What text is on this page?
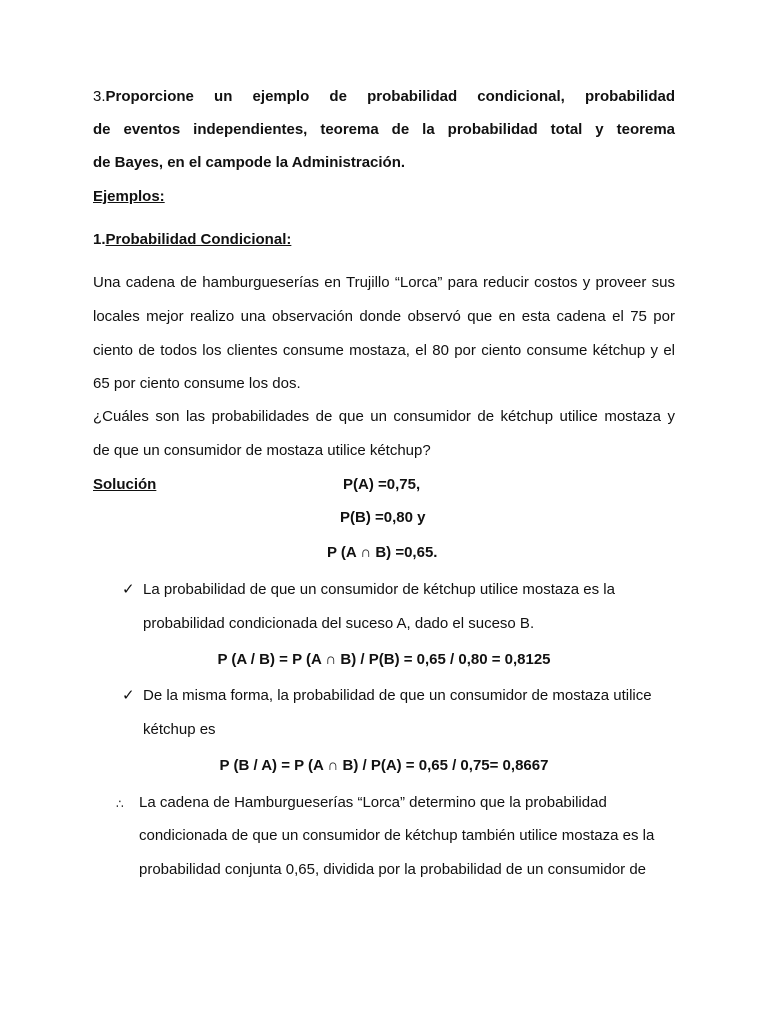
3.Proporcione un ejemplo de probabilidad condicional, probabilidad
de eventos independientes, teorema de la probabilidad total y teorema
de Bayes, en el campode la Administración.
Ejemplos:
1.Probabilidad Condicional:
Una cadena de hamburgueserías en Trujillo “Lorca” para reducir costos y proveer sus
locales mejor realizo una observación donde observó que en esta cadena el 75 por
ciento de todos los clientes consume mostaza, el 80 por ciento consume kétchup y el
65 por ciento consume los dos.
¿Cuáles son las probabilidades de que un consumidor de kétchup utilice mostaza y
de que un consumidor de mostaza utilice kétchup?
Solución	P(A) =0,75,
P(B) =0,80 y
P (A ∩ B) =0,65.
✓ La probabilidad de que un consumidor de kétchup utilice mostaza es la
probabilidad condicionada del suceso A, dado el suceso B.
P (A / B) = P (A ∩ B) / P(B) = 0,65 / 0,80 = 0,8125
✓ De la misma forma, la probabilidad de que un consumidor de mostaza utilice
kétchup es
P (B / A) = P (A ∩ B) / P(A) = 0,65 / 0,75= 0,8667
∴ La cadena de Hamburgueserías “Lorca” determino que la probabilidad
condicionada de que un consumidor de kétchup también utilice mostaza es la
probabilidad conjunta 0,65, dividida por la probabilidad de un consumidor de
